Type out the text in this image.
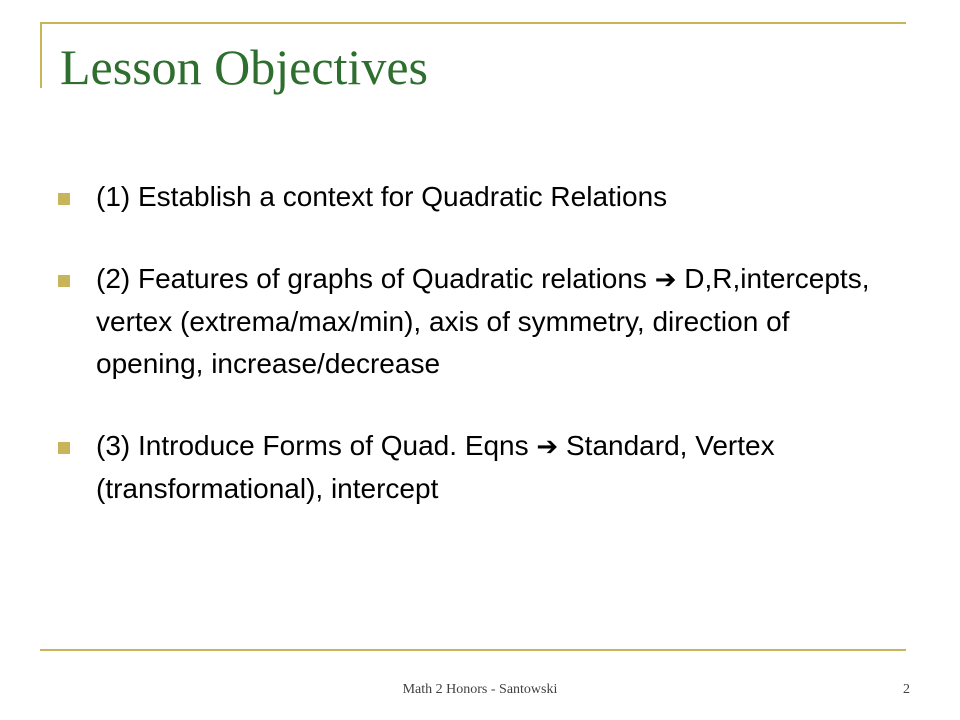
Lesson Objectives
(1) Establish a context for Quadratic Relations
(2) Features of graphs of Quadratic relations ➔ D,R,intercepts, vertex (extrema/max/min), axis of symmetry, direction of opening, increase/decrease
(3) Introduce Forms of Quad. Eqns ➔ Standard, Vertex (transformational), intercept
Math 2 Honors - Santowski	2
